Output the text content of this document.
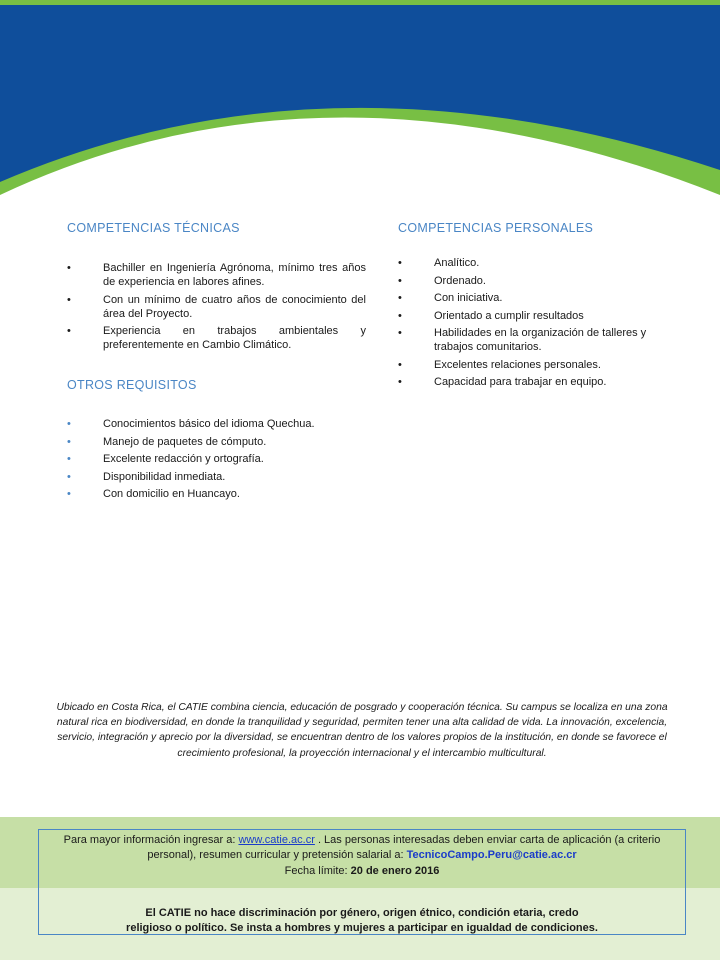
COMPETENCIAS TÉCNICAS
•	Bachiller en Ingeniería Agrónoma, mínimo tres años de experiencia en labores afines.
•	Con un mínimo de cuatro años de conocimiento del área del Proyecto.
•	Experiencia en trabajos ambientales y preferentemente en Cambio Climático.
OTROS REQUISITOS
•	Conocimientos básico del idioma Quechua.
•	Manejo de paquetes de cómputo.
•	Excelente redacción y ortografía.
•	Disponibilidad inmediata.
•	Con domicilio en Huancayo.
COMPETENCIAS PERSONALES
•	Analítico.
•	Ordenado.
•	Con iniciativa.
•	Orientado a cumplir resultados
•	Habilidades en la organización de talleres y trabajos comunitarios.
•	Excelentes relaciones personales.
•	Capacidad para trabajar en equipo.

Ubicado en Costa Rica, el CATIE combina ciencia, educación de posgrado y cooperación técnica. Su campus se localiza en una zona natural rica en biodiversidad, en donde la tranquilidad y seguridad, permiten tener una alta calidad de vida. La innovación, excelencia, servicio, integración y aprecio por la diversidad, se encuentran dentro de los valores propios de la institución, en donde se favorece el crecimiento profesional, la proyección internacional y el intercambio multicultural.

Para mayor información ingresar a: www.catie.ac.cr . Las personas interesadas deben enviar carta de aplicación (a criterio personal), resumen curricular y pretensión salarial a: TecnicoCampo.Peru@catie.ac.cr
Fecha límite: 20 de enero 2016
El CATIE no hace discriminación por género, origen étnico, condición etaria, credo
religioso o político. Se insta a hombres y mujeres a participar en igualdad de condiciones.
